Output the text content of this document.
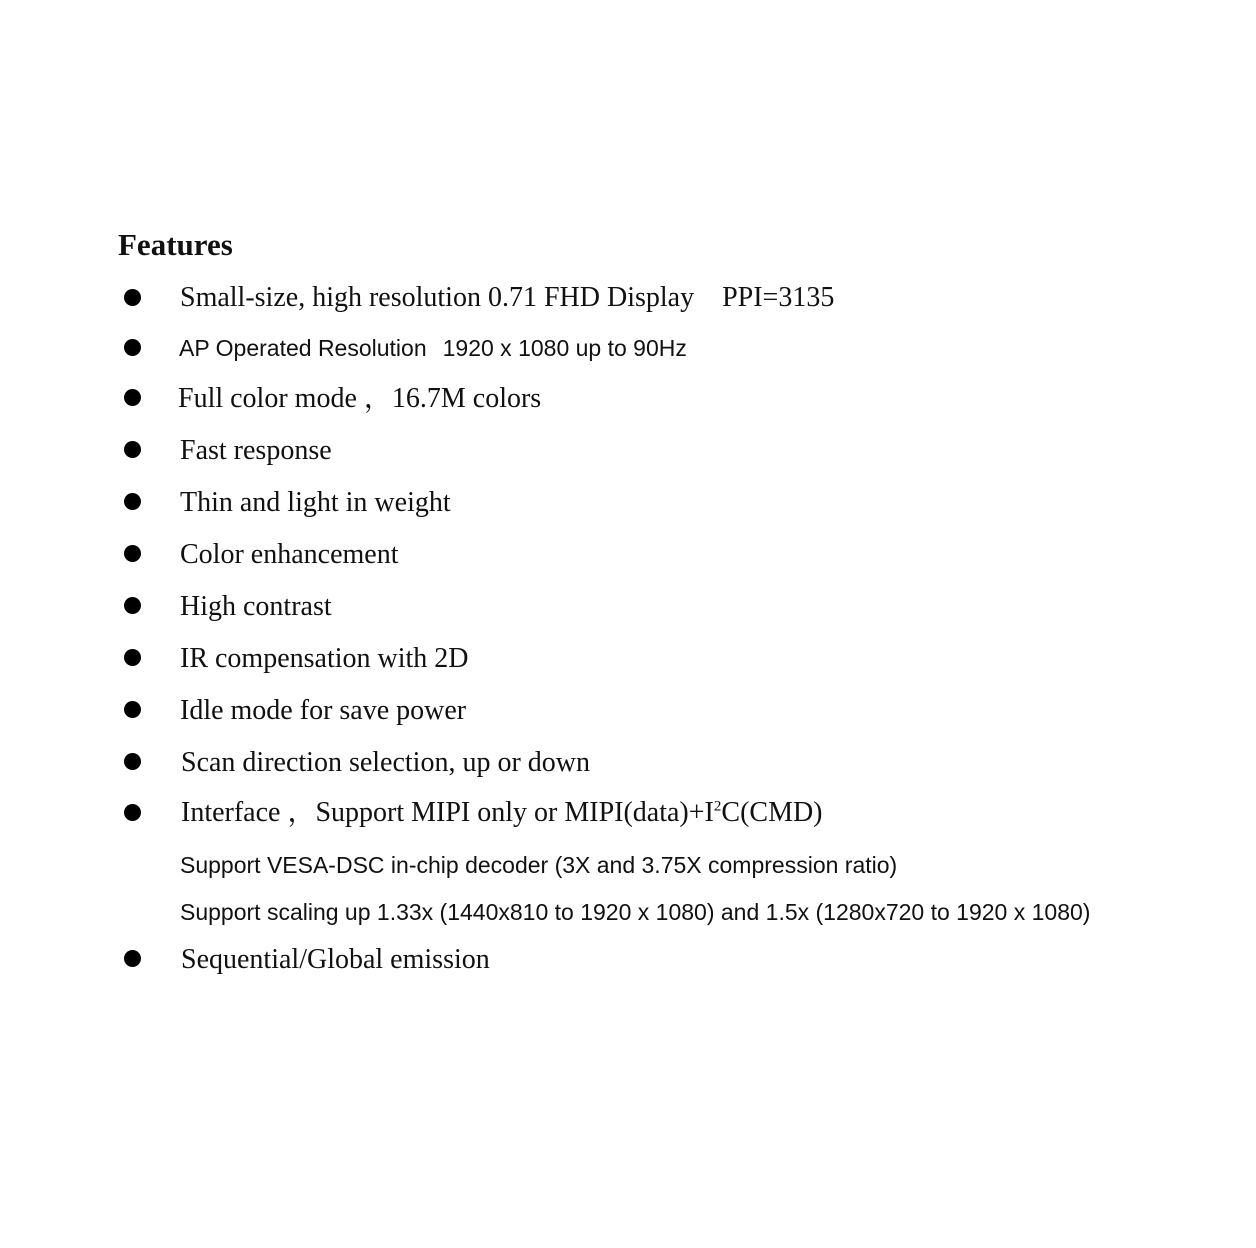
Features
Small-size, high resolution 0.71 FHD Display PPI=3135
AP Operated Resolution 1920 x 1080 up to 90Hz
Full color mode ，16.7M colors
Fast response
Thin and light in weight
Color enhancement
High contrast
IR compensation with 2D
Idle mode for save power
Scan direction selection, up or down
Interface ，Support MIPI only or $MIPI(data)+I^2C(CMD)$
Support VESA-DSC in-chip decoder (3X and 3.75X compression ratio)
Support scaling up 1.33x (1440x810 to 1920 x 1080) and 1.5x (1280x720 to 1920 x 1080)
Sequential/Global emission
